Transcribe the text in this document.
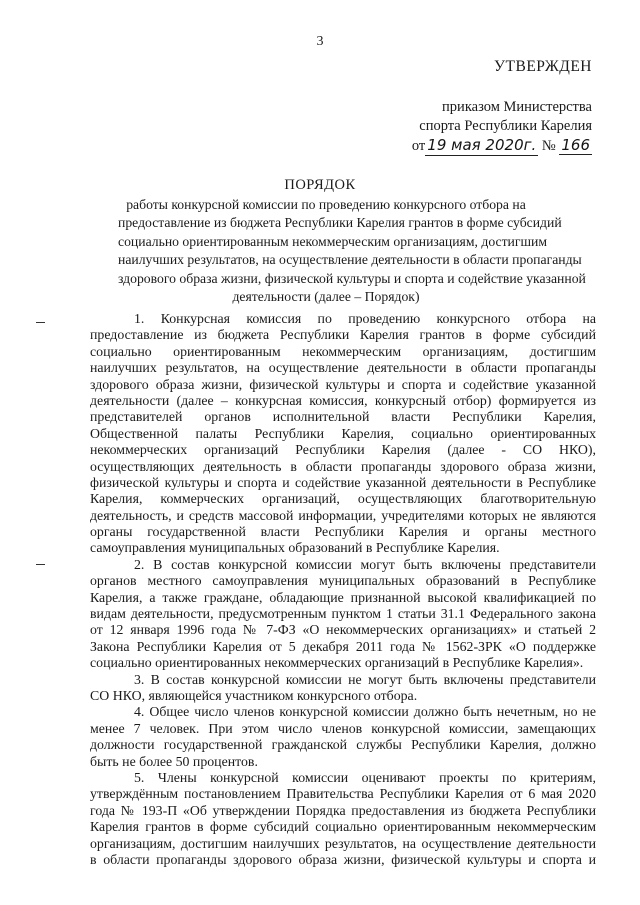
3
УТВЕРЖДЕН
приказом Министерства
спорта Республики Карелия
от 19 мая 2020г. № 166
ПОРЯДОК
работы конкурсной комиссии по проведению конкурсного отбора на
предоставление из бюджета Республики Карелия грантов в форме субсидий
социально ориентированным некоммерческим организациям, достигшим
наилучших результатов, на осуществление деятельности в области пропаганды
здорового образа жизни, физической культуры и спорта и содействие указанной
деятельности (далее – Порядок)
1. Конкурсная комиссия по проведению конкурсного отбора на
предоставление из бюджета Республики Карелия грантов в форме субсидий
социально ориентированным некоммерческим организациям, достигшим
наилучших результатов, на осуществление деятельности в области пропаганды
здорового образа жизни, физической культуры и спорта и содействие указанной
деятельности (далее – конкурсная комиссия, конкурсный отбор) формируется из
представителей органов исполнительной власти Республики Карелия,
Общественной палаты Республики Карелия, социально ориентированных
некоммерческих организаций Республики Карелия (далее - СО НКО),
осуществляющих деятельность в области пропаганды здорового образа жизни,
физической культуры и спорта и содействие указанной деятельности в Республике
Карелия, коммерческих организаций, осуществляющих благотворительную
деятельность, и средств массовой информации, учредителями которых не являются
органы государственной власти Республики Карелия и органы местного
самоуправления муниципальных образований в Республике Карелия.
2. В состав конкурсной комиссии могут быть включены представители
органов местного самоуправления муниципальных образований в Республике
Карелия, а также граждане, обладающие признанной высокой квалификацией по
видам деятельности, предусмотренным пунктом 1 статьи 31.1 Федерального закона
от 12 января 1996 года № 7-ФЗ «О некоммерческих организациях» и статьей 2
Закона Республики Карелия от 5 декабря 2011 года № 1562-ЗРК «О поддержке
социально ориентированных некоммерческих организаций в Республике Карелия».
3. В состав конкурсной комиссии не могут быть включены представители
СО НКО, являющейся участником конкурсного отбора.
4. Общее число членов конкурсной комиссии должно быть нечетным, но не
менее 7 человек. При этом число членов конкурсной комиссии, замещающих
должности государственной гражданской службы Республики Карелия, должно
быть не более 50 процентов.
5. Члены конкурсной комиссии оценивают проекты по критериям,
утверждённым постановлением Правительства Республики Карелия от 6 мая 2020
года № 193-П «Об утверждении Порядка предоставления из бюджета Республики
Карелия грантов в форме субсидий социально ориентированным некоммерческим
организациям, достигшим наилучших результатов, на осуществление деятельности
в области пропаганды здорового образа жизни, физической культуры и спорта и
